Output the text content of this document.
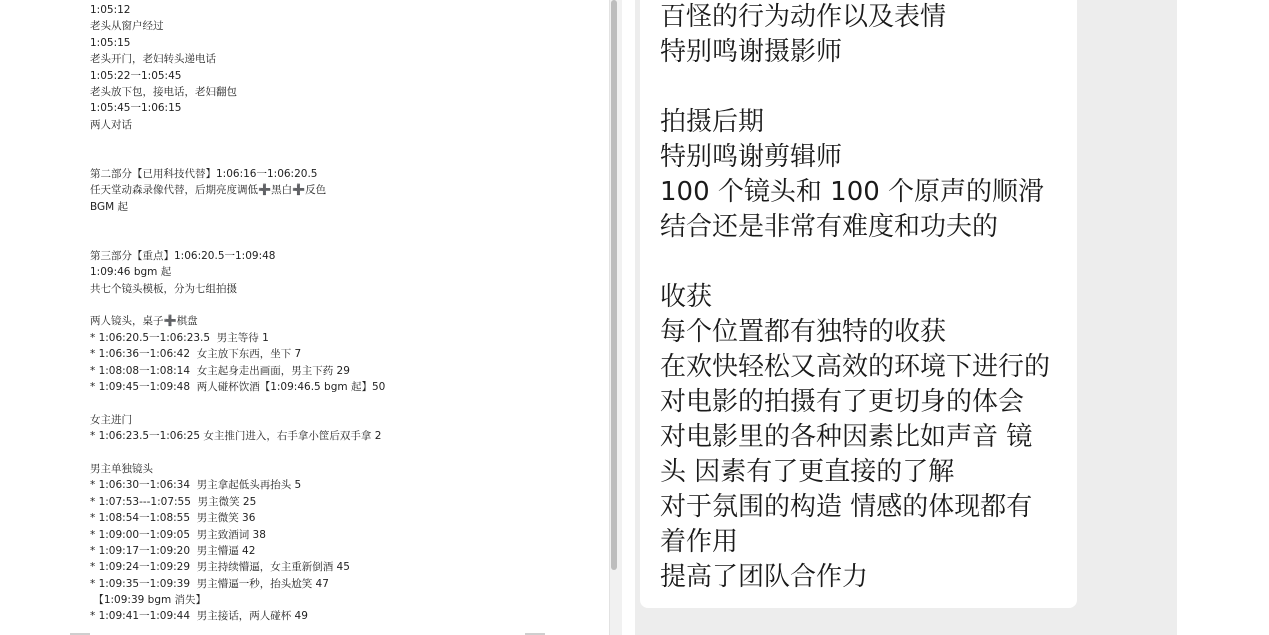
1:05:12
老头从窗户经过
1:05:15
老头开门，老妇转头递电话
1:05:22一1:05:45
老头放下包，接电话，老妇翻包
1:05:45一1:06:15
两人对话
第二部分【已用科技代替】1:06:16一1:06:20.5
任天堂动森录像代替，后期亮度调低➕黑白➕反色
BGM 起
第三部分【重点】1:06:20.5一1:09:48
1:09:46 bgm 起
共七个镜头模板，分为七组拍摄
两人镜头，桌子➕棋盘
* 1:06:20.5一1:06:23.5  男主等待 1
* 1:06:36一1:06:42  女主放下东西，坐下 7
* 1:08:08一1:08:14  女主起身走出画面，男主下药 29
* 1:09:45一1:09:48  两人碰杯饮酒【1:09:46.5 bgm 起】50
女主进门
* 1:06:23.5一1:06:25 女主推门进入，右手拿小筐后双手拿 2
男主单独镜头
* 1:06:30一1:06:34  男主拿起低头再抬头 5
* 1:07:53---1:07:55  男主微笑 25
* 1:08:54一1:08:55  男主微笑 36
* 1:09:00一1:09:05  男主致酒词 38
* 1:09:17一1:09:20  男主懵逼 42
* 1:09:24一1:09:29  男主持续懵逼，女主重新倒酒 45
* 1:09:35一1:09:39  男主懵逼一秒，抬头尬笑 47
【1:09:39 bgm 消失】
* 1:09:41一1:09:44  男主接话，两人碰杯 49
百怪的行为动作以及表情
特别鸣谢摄影师
拍摄后期
特别鸣谢剪辑师
100 个镜头和 100 个原声的顺滑
结合还是非常有难度和功夫的
收获
每个位置都有独特的收获
在欢快轻松又高效的环境下进行的
对电影的拍摄有了更切身的体会
对电影里的各种因素比如声音 镜
头 因素有了更直接的了解
对于氛围的构造 情感的体现都有
着作用
提高了团队合作力
